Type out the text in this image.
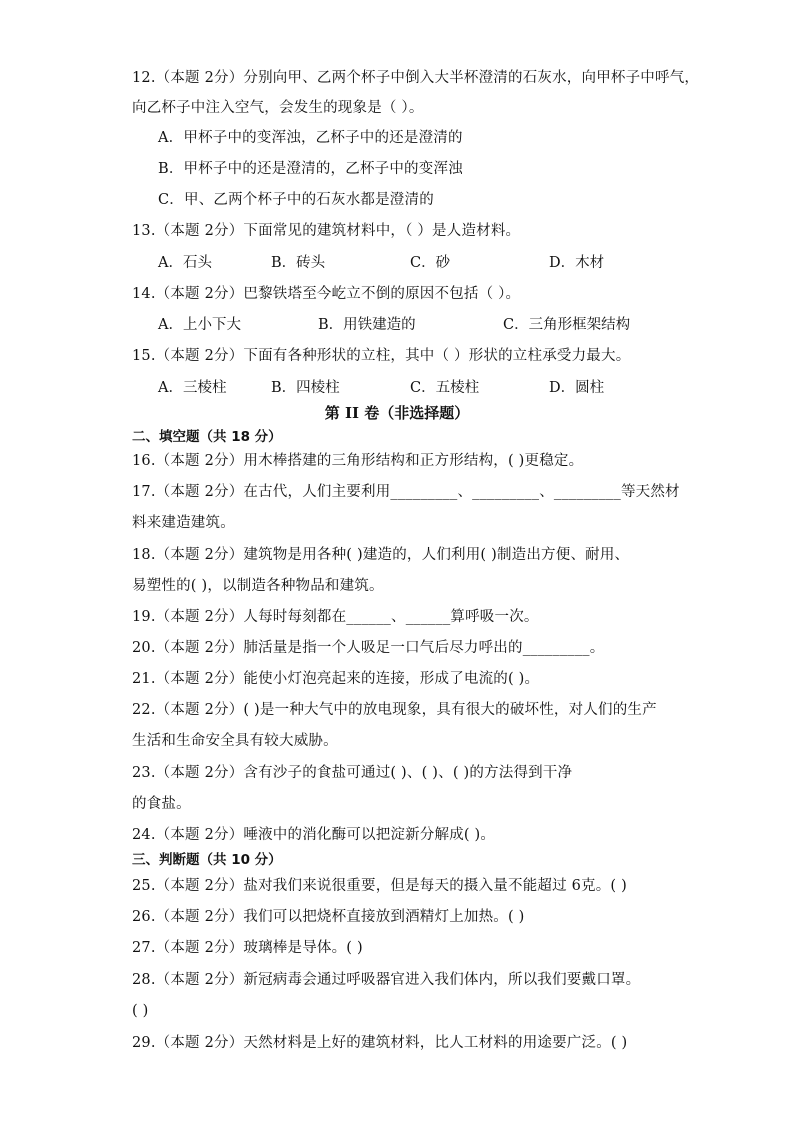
12.（本题 2分）分别向甲、乙两个杯子中倒入大半杯澄清的石灰水，向甲杯子中呼气，
向乙杯子中注入空气，会发生的现象是（ ）。
A．甲杯子中的变浑浊，乙杯子中的还是澄清的
B．甲杯子中的还是澄清的，乙杯子中的变浑浊
C．甲、乙两个杯子中的石灰水都是澄清的
13.（本题 2分）下面常见的建筑材料中，（ ）是人造材料。
A．石头	B．砖头	C．砂	D．木材
14.（本题 2分）巴黎铁塔至今屹立不倒的原因不包括（ ）。
A．上小下大	B．用铁建造的	C．三角形框架结构
15.（本题 2分）下面有各种形状的立柱，其中（ ）形状的立柱承受力最大。
A．三棱柱	B．四棱柱	C．五棱柱	D．圆柱
第 II 卷（非选择题）
二、填空题（共 18 分）
16.（本题 2分）用木棒搭建的三角形结构和正方形结构，( )更稳定。
17.（本题 2分）在古代，人们主要利用_________、_________、_________等天然材
料来建造建筑。
18.（本题 2分）建筑物是用各种( )建造的，人们利用( )制造出方便、耐用、
易塑性的( )，以制造各种物品和建筑。
19.（本题 2分）人每时每刻都在______、______算呼吸一次。
20.（本题 2分）肺活量是指一个人吸足一口气后尽力呼出的_________。
21.（本题 2分）能使小灯泡亮起来的连接，形成了电流的( )。
22.（本题 2分）( )是一种大气中的放电现象，具有很大的破坏性，对人们的生产
生活和生命安全具有较大威胁。
23.（本题 2分）含有沙子的食盐可通过( )、( )、( )的方法得到干净
的食盐。
24.（本题 2分）唾液中的消化酶可以把淀新分解成( )。
三、判断题（共 10 分）
25.（本题 2分）盐对我们来说很重要，但是每天的摄入量不能超过 6克。( )
26.（本题 2分）我们可以把烧杯直接放到酒精灯上加热。( )
27.（本题 2分）玻璃棒是导体。( )
28.（本题 2分）新冠病毒会通过呼吸器官进入我们体内，所以我们要戴口罩。
( )
29.（本题 2分）天然材料是上好的建筑材料，比人工材料的用途要广泛。( )
